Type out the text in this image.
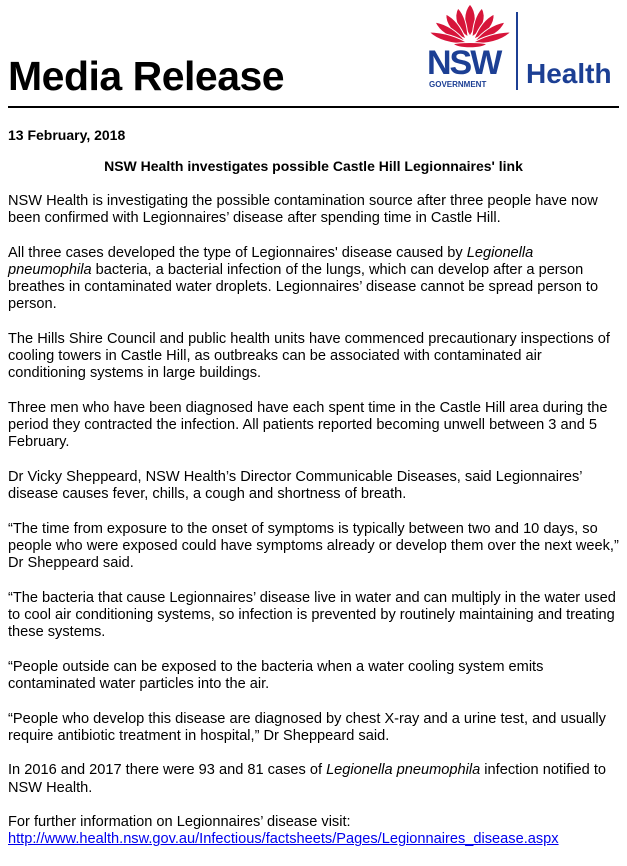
Media Release	NSW
GOVERNMENT Health
13 February, 2018
NSW Health investigates possible Castle Hill Legionnaires' link

NSW Health is investigating the possible contamination source after three people have now been confirmed with Legionnaires’ disease after spending time in Castle Hill.

All three cases developed the type of Legionnaires' disease caused by Legionella pneumophila bacteria, a bacterial infection of the lungs, which can develop after a person breathes in contaminated water droplets. Legionnaires’ disease cannot be spread person to person.

The Hills Shire Council and public health units have commenced precautionary inspections of cooling towers in Castle Hill, as outbreaks can be associated with contaminated air conditioning systems in large buildings.

Three men who have been diagnosed have each spent time in the Castle Hill area during the period they contracted the infection. All patients reported becoming unwell between 3 and 5 February.

Dr Vicky Sheppeard, NSW Health’s Director Communicable Diseases, said Legionnaires’ disease causes fever, chills, a cough and shortness of breath.

“The time from exposure to the onset of symptoms is typically between two and 10 days, so people who were exposed could have symptoms already or develop them over the next week,” Dr Sheppeard said.

“The bacteria that cause Legionnaires’ disease live in water and can multiply in the water used to cool air conditioning systems, so infection is prevented by routinely maintaining and treating these systems.

“People outside can be exposed to the bacteria when a water cooling system emits contaminated water particles into the air.

“People who develop this disease are diagnosed by chest X-ray and a urine test, and usually require antibiotic treatment in hospital,” Dr Sheppeard said.

In 2016 and 2017 there were 93 and 81 cases of Legionella pneumophila infection notified to NSW Health.

For further information on Legionnaires’ disease visit:
http://www.health.nsw.gov.au/Infectious/factsheets/Pages/Legionnaires_disease.aspx
